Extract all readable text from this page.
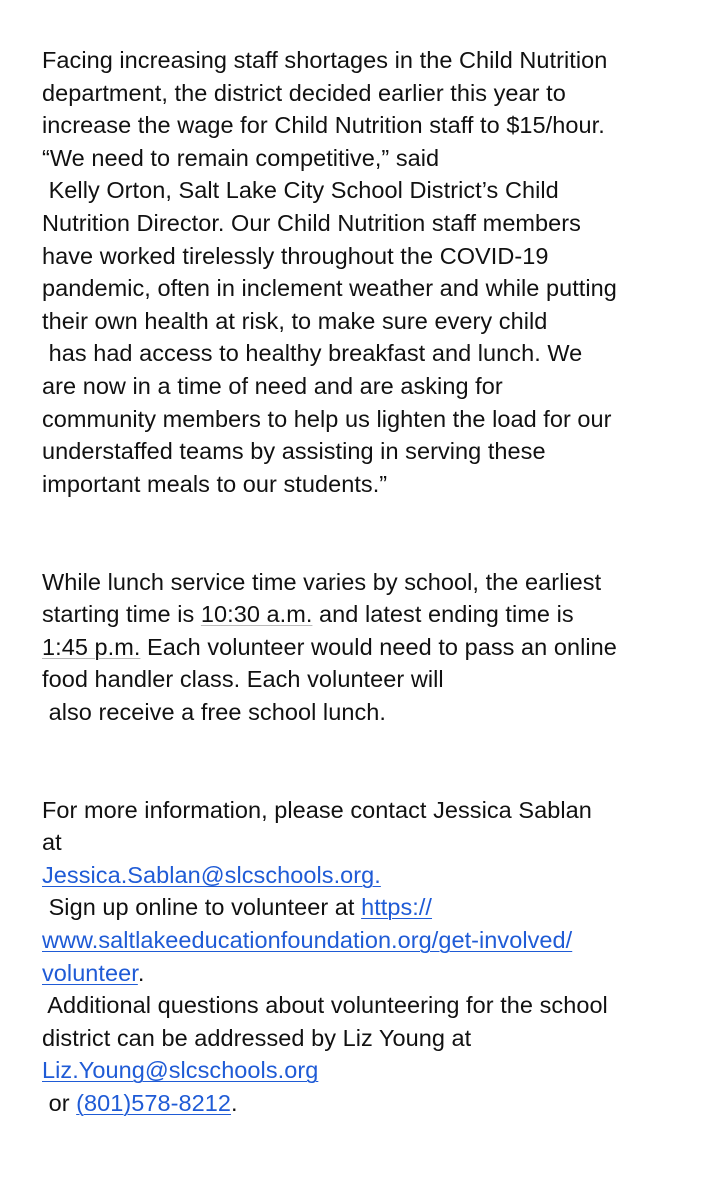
Facing increasing staff shortages in the Child Nutrition
department, the district decided earlier this year to
increase the wage for Child Nutrition staff to $15/hour.
“We need to remain competitive,” said
Kelly Orton, Salt Lake City School District’s Child
Nutrition Director. Our Child Nutrition staff members
have worked tirelessly throughout the COVID-19
pandemic, often in inclement weather and while putting
their own health at risk, to make sure every child
has had access to healthy breakfast and lunch. We
are now in a time of need and are asking for
community members to help us lighten the load for our
understaffed teams by assisting in serving these
important meals to our students.”
While lunch service time varies by school, the earliest
starting time is 10:30 a.m. and latest ending time is
1:45 p.m. Each volunteer would need to pass an online
food handler class. Each volunteer will
also receive a free school lunch.
For more information, please contact Jessica Sablan
at
Jessica.Sablan@slcschools.org.
Sign up online to volunteer at https://
www.saltlakeeducationfoundation.org/get-involved/
volunteer.
Additional questions about volunteering for the school
district can be addressed by Liz Young at
Liz.Young@slcschools.org
or (801)578-8212.
